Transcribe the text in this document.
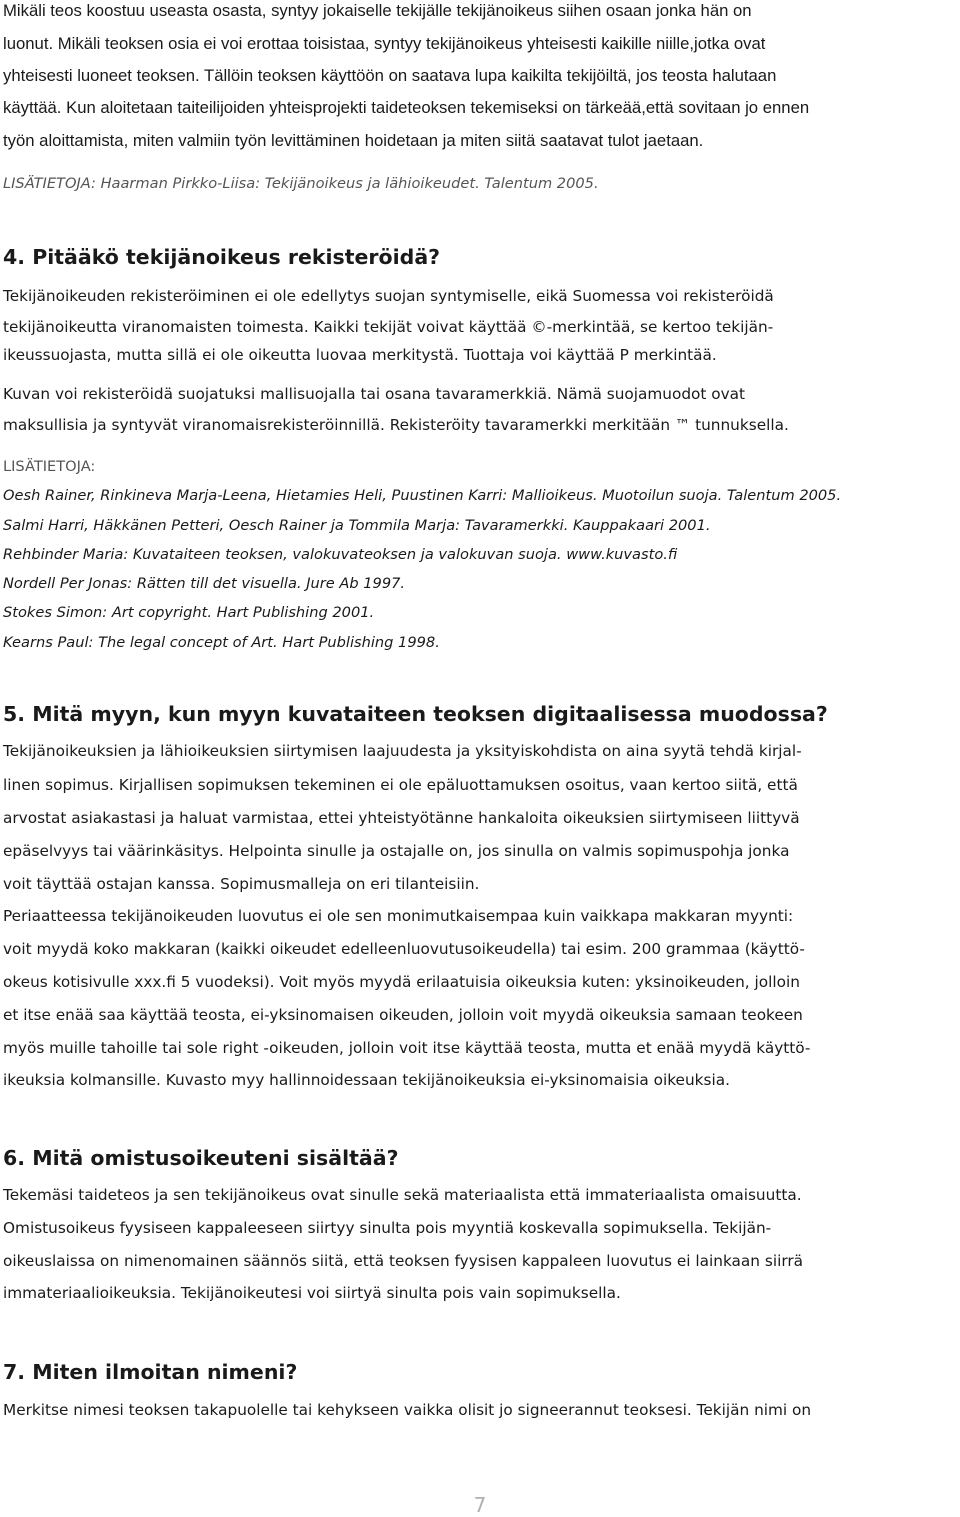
Mikäli teos koostuu useasta osasta, syntyy jokaiselle tekijälle tekijänoikeus siihen osaan jonka hän on

luonut. Mikäli teoksen osia ei voi erottaa toisistaa, syntyy tekijänoikeus yhteisesti kaikille niille,jotka ovat

yhteisesti luoneet teoksen. Tällöin teoksen käyttöön on saatava lupa kaikilta tekijöiltä, jos teosta halutaan

käyttää. Kun aloitetaan taiteilijoiden yhteisprojekti taideteoksen tekemiseksi on tärkeää,että sovitaan jo ennen

työn aloittamista, miten valmiin työn levittäminen hoidetaan ja miten siitä saatavat tulot jaetaan.

LISÄTIETOJA: Haarman Pirkko-Liisa: Tekijänoikeus ja lähioikeudet. Talentum 2005.

4. Pitääkö tekijänoikeus rekisteröidä?

Tekijänoikeuden rekisteröiminen ei ole edellytys suojan syntymiselle, eikä Suomessa voi rekisteröidä

tekijänoikeutta viranomaisten toimesta. Kaikki tekijät voivat käyttää ©-merkintää, se kertoo tekijän-

ikeussuojasta, mutta sillä ei ole oikeutta luovaa merkitystä. Tuottaja voi käyttää P merkintää.

Kuvan voi rekisteröidä suojatuksi mallisuojalla tai osana tavaramerkkiä. Nämä suojamuodot ovat

maksullisia ja syntyvät viranomaisrekisteröinnillä. Rekisteröity tavaramerkki merkitään ™ tunnuksella.

LISÄTIETOJA:

Oesh Rainer, Rinkineva Marja-Leena, Hietamies Heli, Puustinen Karri: Mallioikeus. Muotoilun suoja. Talentum 2005.

Salmi Harri, Häkkänen Petteri, Oesch Rainer ja Tommila Marja: Tavaramerkki. Kauppakaari 2001.

Rehbinder Maria: Kuvataiteen teoksen, valokuvateoksen ja valokuvan suoja. www.kuvasto.fi

Nordell Per Jonas: Rätten till det visuella. Jure Ab 1997.

Stokes Simon: Art copyright. Hart Publishing 2001.

Kearns Paul: The legal concept of Art. Hart Publishing 1998.

5. Mitä myyn, kun myyn kuvataiteen teoksen digitaalisessa muodossa?

Tekijänoikeuksien ja lähioikeuksien siirtymisen laajuudesta ja yksityiskohdista on aina syytä tehdä kirjal-

linen sopimus. Kirjallisen sopimuksen tekeminen ei ole epäluottamuksen osoitus, vaan kertoo siitä, että

arvostat asiakastasi ja haluat varmistaa, ettei yhteistyötänne hankaloita oikeuksien siirtymiseen liittyvä

epäselvyys tai väärinkäsitys. Helpointa sinulle ja ostajalle on, jos sinulla on valmis sopimuspohja jonka

voit täyttää ostajan kanssa. Sopimusmalleja on eri tilanteisiin.

Periaatteessa tekijänoikeuden luovutus ei ole sen monimutkaisempaa kuin vaikkapa makkaran myynti:

voit myydä koko makkaran (kaikki oikeudet edelleenluovutusoikeudella) tai esim. 200 grammaa (käyttö-

okeus kotisivulle xxx.fi 5 vuodeksi). Voit myös myydä erilaatuisia oikeuksia kuten: yksinoikeuden, jolloin

et itse enää saa käyttää teosta, ei-yksinomaisen oikeuden, jolloin voit myydä oikeuksia samaan teokeen

myös muille tahoille tai sole right -oikeuden, jolloin voit itse käyttää teosta, mutta et enää myydä käyttö-

ikeuksia kolmansille. Kuvasto myy hallinnoidessaan tekijänoikeuksia ei-yksinomaisia oikeuksia.

6. Mitä omistusoikeuteni sisältää?

Tekemäsi taideteos ja sen tekijänoikeus ovat sinulle sekä materiaalista että immateriaalista omaisuutta.

Omistusoikeus fyysiseen kappaleeseen siirtyy sinulta pois myyntiä koskevalla sopimuksella. Tekijän-

oikeuslaissa on nimenomainen säännös siitä, että teoksen fyysisen kappaleen luovutus ei lainkaan siirrä

immateriaalioikeuksia. Tekijänoikeutesi voi siirtyä sinulta pois vain sopimuksella.

7. Miten ilmoitan nimeni?

Merkitse nimesi teoksen takapuolelle tai kehykseen vaikka olisit jo signeerannut teoksesi. Tekijän nimi on

7
